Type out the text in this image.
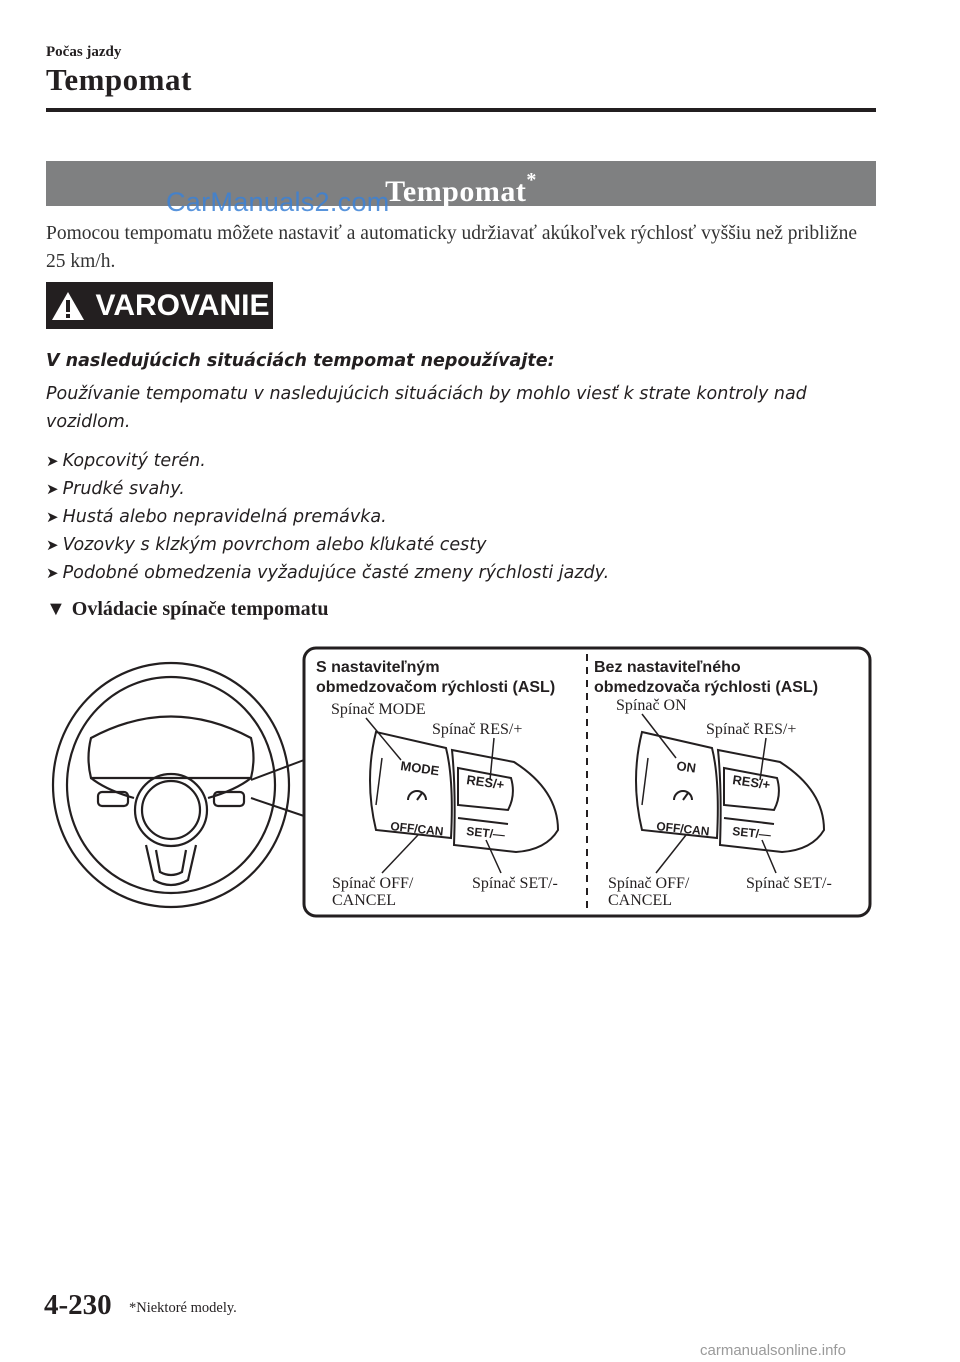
Počas jazdy
Tempomat
Tempomat*
CarManuals2.com
Pomocou tempomatu môžete nastaviť a automaticky udržiavať akúkoľvek rýchlosť vyššiu než približne 25 km/h.
VAROVANIE
V nasledujúcich situáciách tempomat nepoužívajte:
Používanie tempomatu v nasledujúcich situáciách by mohlo viesť k strate kontroly nad vozidlom.
➤ Kopcovitý terén.
➤ Prudké svahy.
➤ Hustá alebo nepravidelná premávka.
➤ Vozovky s klzkým povrchom alebo kľukaté cesty
➤ Podobné obmedzenia vyžadujúce časté zmeny rýchlosti jazdy.
▼ Ovládacie spínače tempomatu
S nastaviteľným
obmedzovačom rýchlosti (ASL)
Spínač MODE
Spínač RES/+
Spínač OFF/
CANCEL
Spínač SET/-
MODE
OFF/CAN
RES/+
SET/—
Bez nastaviteľného
obmedzovača rýchlosti (ASL)
Spínač ON
Spínač RES/+
Spínač OFF/
CANCEL
Spínač SET/-
ON
OFF/CAN
RES/+
SET/—
4-230 *Niektoré modely.
carmanualsonline.info
